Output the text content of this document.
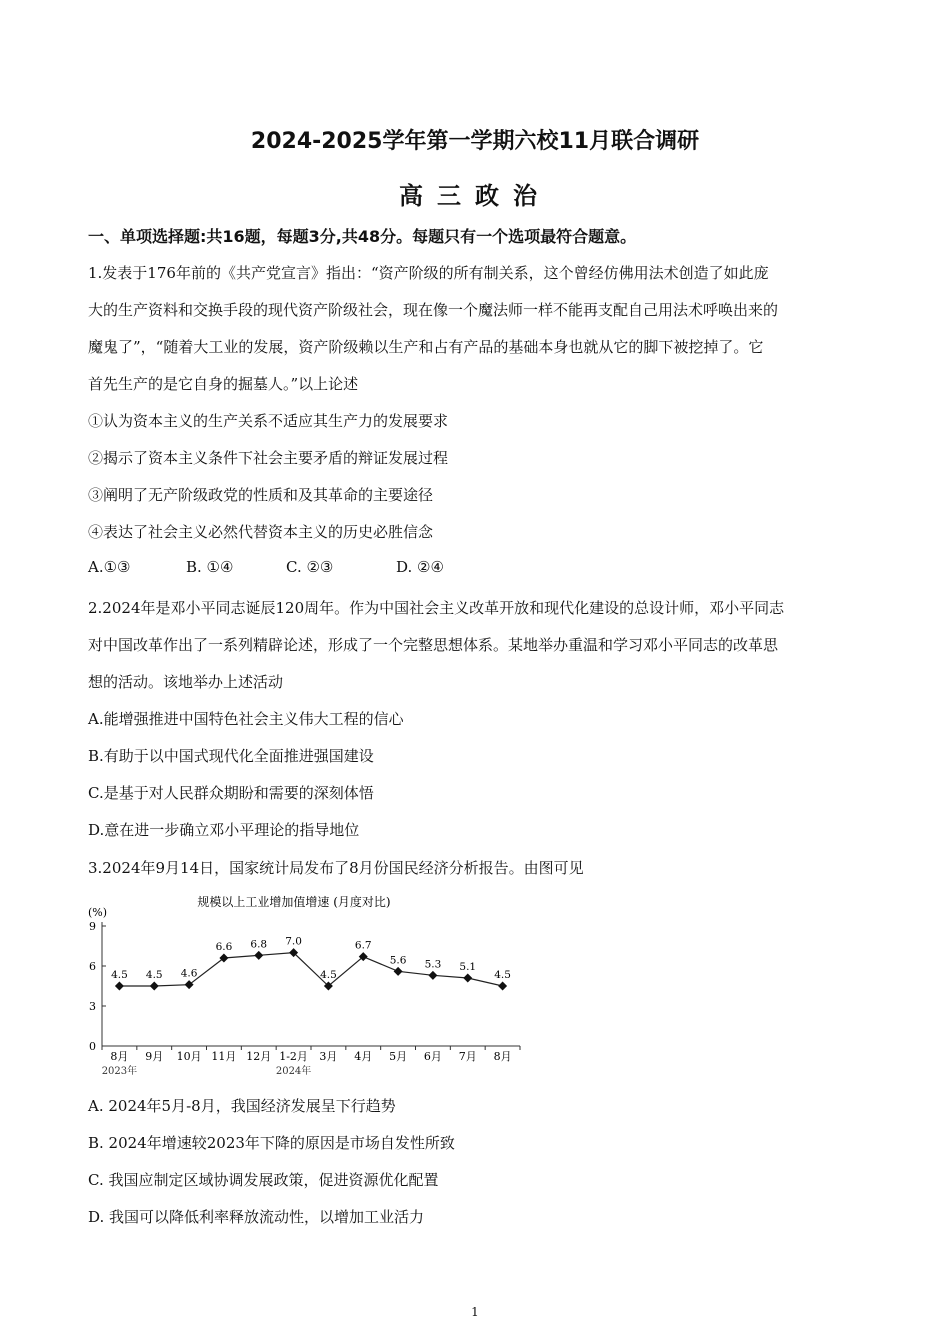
2024-2025学年第一学期六校11月联合调研
高三政治
一、单项选择题:共16题，每题3分,共48分。每题只有一个选项最符合题意。
1.发表于176年前的《共产党宣言》指出：“资产阶级的所有制关系，这个曾经仿佛用法术创造了如此庞
大的生产资料和交换手段的现代资产阶级社会，现在像一个魔法师一样不能再支配自己用法术呼唤出来的
魔鬼了”，“随着大工业的发展，资产阶级赖以生产和占有产品的基础本身也就从它的脚下被挖掉了。它
首先生产的是它自身的掘墓人。”以上论述
①认为资本主义的生产关系不适应其生产力的发展要求
②揭示了资本主义条件下社会主要矛盾的辩证发展过程
③阐明了无产阶级政党的性质和及其革命的主要途径
④表达了社会主义必然代替资本主义的历史必胜信念
A.①③	B. ①④	C. ②③	D. ②④
2.2024年是邓小平同志诞辰120周年。作为中国社会主义改革开放和现代化建设的总设计师，邓小平同志
对中国改革作出了一系列精辟论述，形成了一个完整思想体系。某地举办重温和学习邓小平同志的改革思
想的活动。该地举办上述活动
A.能增强推进中国特色社会主义伟大工程的信心
B.有助于以中国式现代化全面推进强国建设
C.是基于对人民群众期盼和需要的深刻体悟
D.意在进一步确立邓小平理论的指导地位
3.2024年9月14日，国家统计局发布了8月份国民经济分析报告。由图可见
规模以上工业增加值增速 (月度对比)
(%)
0
3
6
9
8月 9月 10月 11月 12月 1-2月 3月 4月 5月 6月 7月 8月
2023年	2024年
4.5 4.5 4.6
6.6 6.8 7.0
4.5
6.7
5.6 5.3 5.1
4.5
A. 2024年5月-8月，我国经济发展呈下行趋势
B. 2024年增速较2023年下降的原因是市场自发性所致
C. 我国应制定区域协调发展政策，促进资源优化配置
D. 我国可以降低利率释放流动性，以增加工业活力
1
